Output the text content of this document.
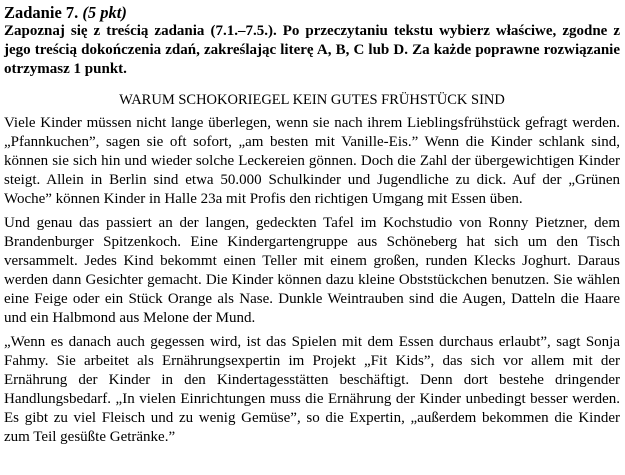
Zadanie 7. (5 pkt)

Zapoznaj się z treścią zadania (7.1.–7.5.). Po przeczytaniu tekstu wybierz właściwe, zgodne z jego treścią dokończenia zdań, zakreślając literę A, B, C lub D. Za każde poprawne rozwiązanie otrzymasz 1 punkt.

WARUM SCHOKORIEGEL KEIN GUTES FRÜHSTÜCK SIND

Viele Kinder müssen nicht lange überlegen, wenn sie nach ihrem Lieblingsfrühstück gefragt werden. „Pfannkuchen”, sagen sie oft sofort, „am besten mit Vanille-Eis.” Wenn die Kinder schlank sind, können sie sich hin und wieder solche Leckereien gönnen. Doch die Zahl der übergewichtigen Kinder steigt. Allein in Berlin sind etwa 50.000 Schulkinder und Jugendliche zu dick. Auf der „Grünen Woche” können Kinder in Halle 23a mit Profis den richtigen Umgang mit Essen üben.

Und genau das passiert an der langen, gedeckten Tafel im Kochstudio von Ronny Pietzner, dem Brandenburger Spitzenkoch. Eine Kindergartengruppe aus Schöneberg hat sich um den Tisch versammelt. Jedes Kind bekommt einen Teller mit einem großen, runden Klecks Joghurt. Daraus werden dann Gesichter gemacht. Die Kinder können dazu kleine Obststückchen benutzen. Sie wählen eine Feige oder ein Stück Orange als Nase. Dunkle Weintrauben sind die Augen, Datteln die Haare und ein Halbmond aus Melone der Mund.

„Wenn es danach auch gegessen wird, ist das Spielen mit dem Essen durchaus erlaubt”, sagt Sonja Fahmy. Sie arbeitet als Ernährungsexpertin im Projekt „Fit Kids”, das sich vor allem mit der Ernährung der Kinder in den Kindertagesstätten beschäftigt. Denn dort bestehe dringender Handlungsbedarf. „In vielen Einrichtungen muss die Ernährung der Kinder unbedingt besser werden. Es gibt zu viel Fleisch und zu wenig Gemüse”, so die Expertin, „außerdem bekommen die Kinder zum Teil gesüßte Getränke.”
